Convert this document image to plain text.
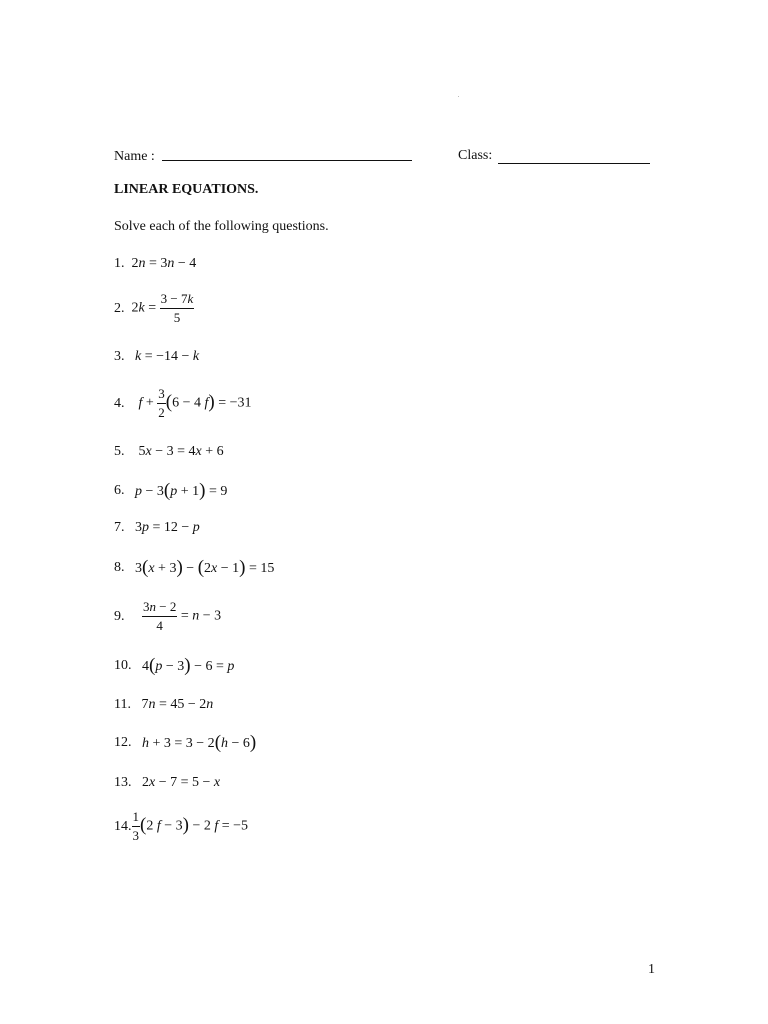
Name :	Class:
LINEAR EQUATIONS.
Solve each of the following questions.
1.  2n = 3n − 4
2.  $2k = \frac{3 - 7k}{5}$
3. k = −14 − k
4. $f + \frac{3}{2} (6 - 4$ f) = −31
5.    5x − 3 = 4x + 6
6. p − 3(p + 1) = 9
7.   3p = 12 − p
8.   3(x + 3) − (2x − 1) = 15
9. $\frac{3n - 2}{4} = n - 3$
10.   4(p − 3) − 6 = p
11.   7n = 45 − 2n
12. h + 3 = 3 − 2(h − 6)
13.   2x − 7 = 5 − x
14. $\frac{1}{3} (2$ f − 3) − 2 f = −5
1
